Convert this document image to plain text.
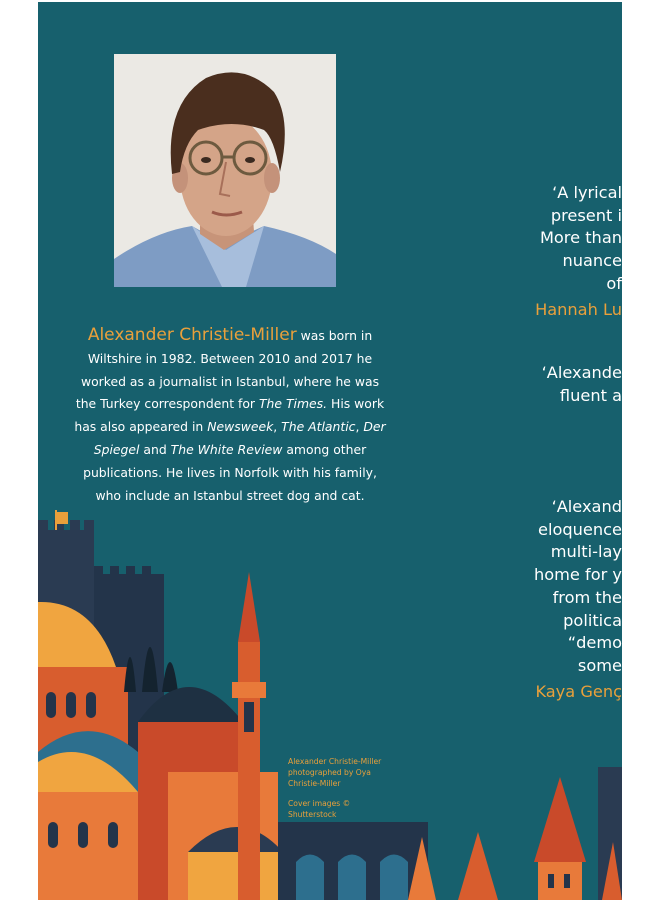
Alexander Christie-Miller was born in Wiltshire in 1982. Between 2010 and 2017 he worked as a journalist in Istanbul, where he was the Turkey correspondent for The Times. His work has also appeared in Newsweek, The Atlantic, Der Spiegel and The White Review among other publications. He lives in Norfolk with his family, who include an Istanbul street dog and cat.
‘A lyrical
present i
More than
nuance
of
Hannah Lu
‘Alexande
fluent a
‘Alexand
eloquence
multi-lay
home for y
from the
politica
“demo
some
Kaya Genç
Alexander Christie-Miller photographed by Oya Christie-Miller
Cover images © Shutterstock
